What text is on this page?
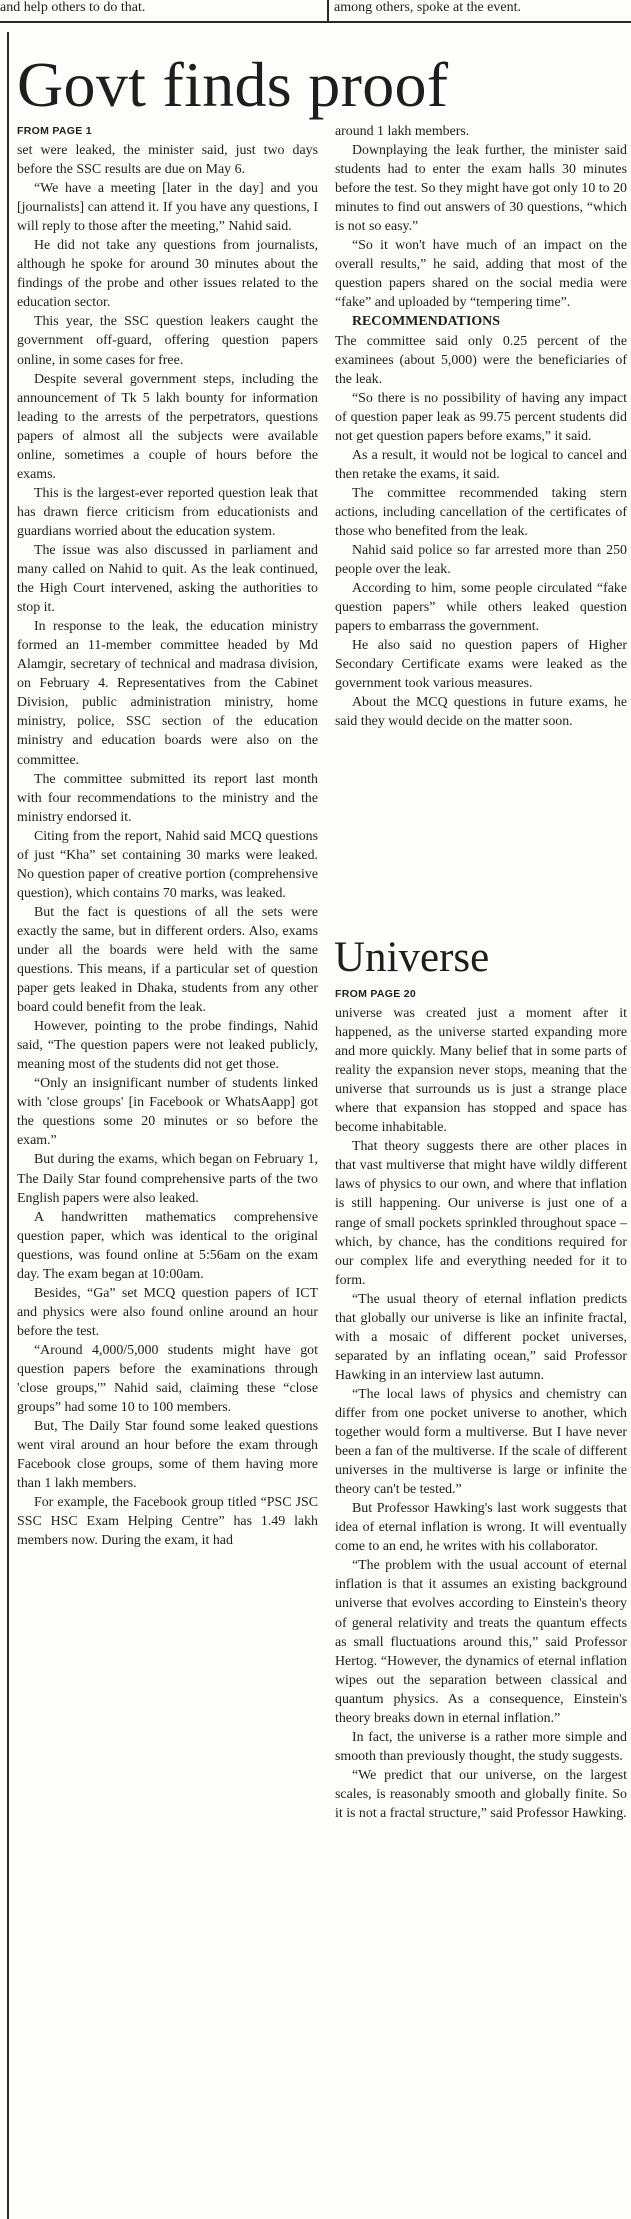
and help others to do that.	among others, spoke at the event.
Govt finds proof
FROM PAGE 1

set were leaked, the minister said, just two days before the SSC results are due on May 6.

“We have a meeting [later in the day] and you [journalists] can attend it. If you have any questions, I will reply to those after the meeting,” Nahid said.

He did not take any questions from journalists, although he spoke for around 30 minutes about the findings of the probe and other issues related to the education sector.

This year, the SSC question leakers caught the government off-guard, offering question papers online, in some cases for free.

Despite several government steps, including the announcement of Tk 5 lakh bounty for information leading to the arrests of the perpetrators, questions papers of almost all the subjects were available online, sometimes a couple of hours before the exams.

This is the largest-ever reported question leak that has drawn fierce criticism from educationists and guardians worried about the education system.

The issue was also discussed in parliament and many called on Nahid to quit. As the leak continued, the High Court intervened, asking the authorities to stop it.

In response to the leak, the education ministry formed an 11-member committee headed by Md Alamgir, secretary of technical and madrasa division, on February 4. Representatives from the Cabinet Division, public administration ministry, home ministry, police, SSC section of the education ministry and education boards were also on the committee.

The committee submitted its report last month with four recommendations to the ministry and the ministry endorsed it.

Citing from the report, Nahid said MCQ questions of just “Kha” set containing 30 marks were leaked. No question paper of creative portion (comprehensive question), which contains 70 marks, was leaked.

But the fact is questions of all the sets were exactly the same, but in different orders. Also, exams under all the boards were held with the same questions. This means, if a particular set of question paper gets leaked in Dhaka, students from any other board could benefit from the leak.

However, pointing to the probe findings, Nahid said, “The question papers were not leaked publicly, meaning most of the students did not get those.

“Only an insignificant number of students linked with 'close groups' [in Facebook or WhatsAapp] got the questions some 20 minutes or so before the exam.”

But during the exams, which began on February 1, The Daily Star found comprehensive parts of the two English papers were also leaked.

A handwritten mathematics comprehensive question paper, which was identical to the original questions, was found online at 5:56am on the exam day. The exam began at 10:00am.

Besides, “Ga” set MCQ question papers of ICT and physics were also found online around an hour before the test.

“Around 4,000/5,000 students might have got question papers before the examinations through 'close groups,'” Nahid said, claiming these “close groups” had some 10 to 100 members.

But, The Daily Star found some leaked questions went viral around an hour before the exam through Facebook close groups, some of them having more than 1 lakh members.

For example, the Facebook group titled “PSC JSC SSC HSC Exam Helping Centre” has 1.49 lakh members now. During the exam, it had

around 1 lakh members.

Downplaying the leak further, the minister said students had to enter the exam halls 30 minutes before the test. So they might have got only 10 to 20 minutes to find out answers of 30 questions, “which is not so easy.”

“So it won't have much of an impact on the overall results,” he said, adding that most of the question papers shared on the social media were “fake” and uploaded by “tempering time”.

RECOMMENDATIONS

The committee said only 0.25 percent of the examinees (about 5,000) were the beneficiaries of the leak.

“So there is no possibility of having any impact of question paper leak as 99.75 percent students did not get question papers before exams,” it said.

As a result, it would not be logical to cancel and then retake the exams, it said.

The committee recommended taking stern actions, including cancellation of the certificates of those who benefited from the leak.

Nahid said police so far arrested more than 250 people over the leak.

According to him, some people circulated “fake question papers” while others leaked question papers to embarrass the government.

He also said no question papers of Higher Secondary Certificate exams were leaked as the government took various measures.

About the MCQ questions in future exams, he said they would decide on the matter soon.

Universe
FROM PAGE 20

universe was created just a moment after it happened, as the universe started expanding more and more quickly. Many belief that in some parts of reality the expansion never stops, meaning that the universe that surrounds us is just a strange place where that expansion has stopped and space has become inhabitable.

That theory suggests there are other places in that vast multiverse that might have wildly different laws of physics to our own, and where that inflation is still happening. Our universe is just one of a range of small pockets sprinkled throughout space – which, by chance, has the conditions required for our complex life and everything needed for it to form.

“The usual theory of eternal inflation predicts that globally our universe is like an infinite fractal, with a mosaic of different pocket universes, separated by an inflating ocean,” said Professor Hawking in an interview last autumn.

“The local laws of physics and chemistry can differ from one pocket universe to another, which together would form a multiverse. But I have never been a fan of the multiverse. If the scale of different universes in the multiverse is large or infinite the theory can't be tested.”

But Professor Hawking's last work suggests that idea of eternal inflation is wrong. It will eventually come to an end, he writes with his collaborator.

“The problem with the usual account of eternal inflation is that it assumes an existing background universe that evolves according to Einstein's theory of general relativity and treats the quantum effects as small fluctuations around this,” said Professor Hertog. “However, the dynamics of eternal inflation wipes out the separation between classical and quantum physics. As a consequence, Einstein's theory breaks down in eternal inflation.”

In fact, the universe is a rather more simple and smooth than previously thought, the study suggests.

“We predict that our universe, on the largest scales, is reasonably smooth and globally finite. So it is not a fractal structure,” said Professor Hawking.
